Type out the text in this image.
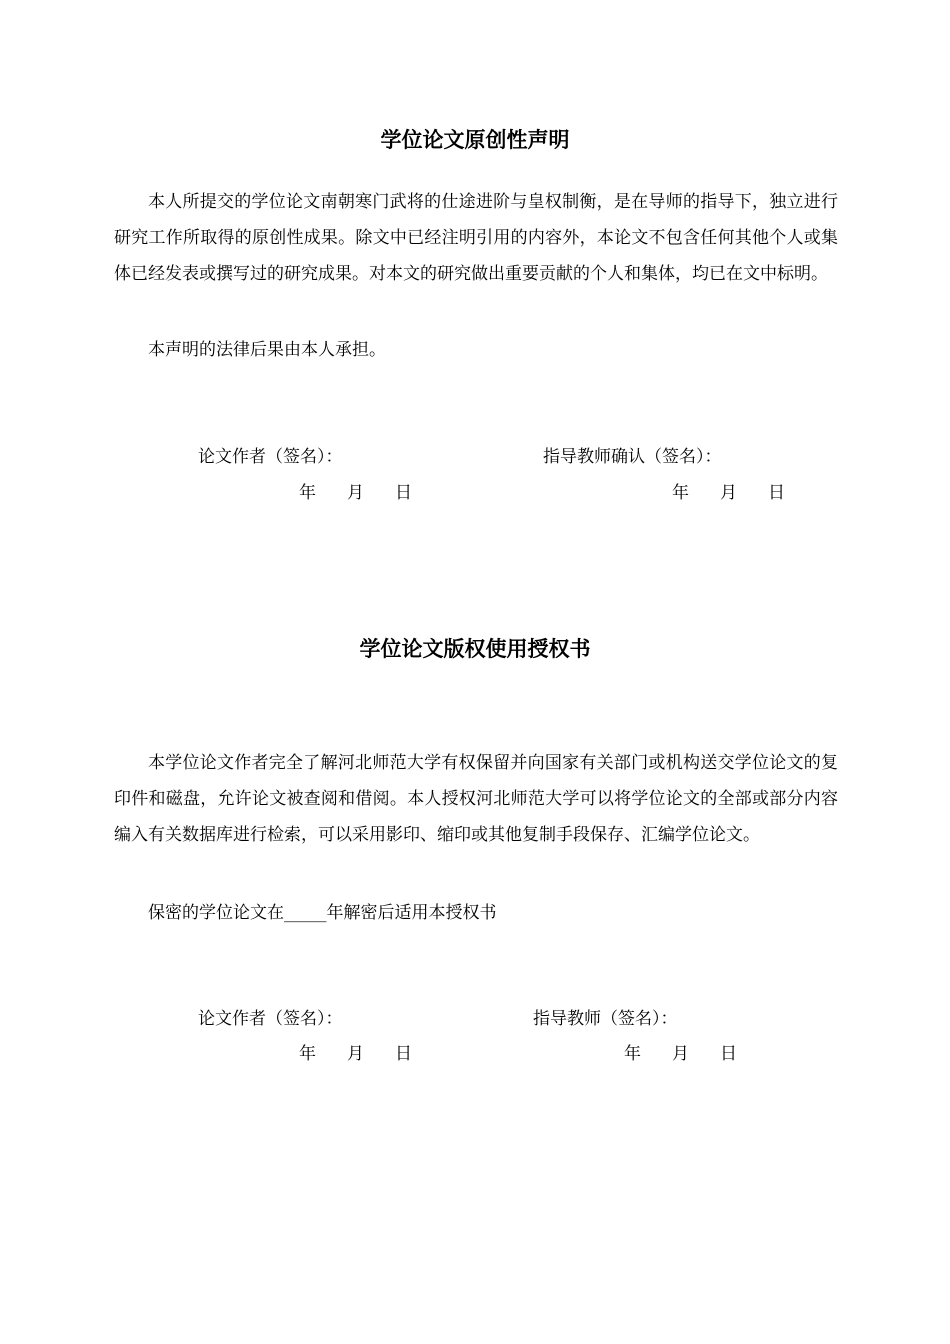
学位论文原创性声明

本人所提交的学位论文南朝寒门武将的仕途进阶与皇权制衡，是在导师的指导下，独立进行研究工作所取得的原创性成果。除文中已经注明引用的内容外，本论文不包含任何其他个人或集体已经发表或撰写过的研究成果。对本文的研究做出重要贡献的个人和集体，均已在文中标明。

本声明的法律后果由本人承担。

论文作者（签名）：	指导教师确认（签名）：
年 月 日	年 月 日
学位论文版权使用授权书

本学位论文作者完全了解河北师范大学有权保留并向国家有关部门或机构送交学位论文的复印件和磁盘，允许论文被查阅和借阅。本人授权河北师范大学可以将学位论文的全部或部分内容编入有关数据库进行检索，可以采用影印、缩印或其他复制手段保存、汇编学位论文。

保密的学位论文在_____年解密后适用本授权书

论文作者（签名）：	指导教师（签名）：
年 月 日	年 月 日
